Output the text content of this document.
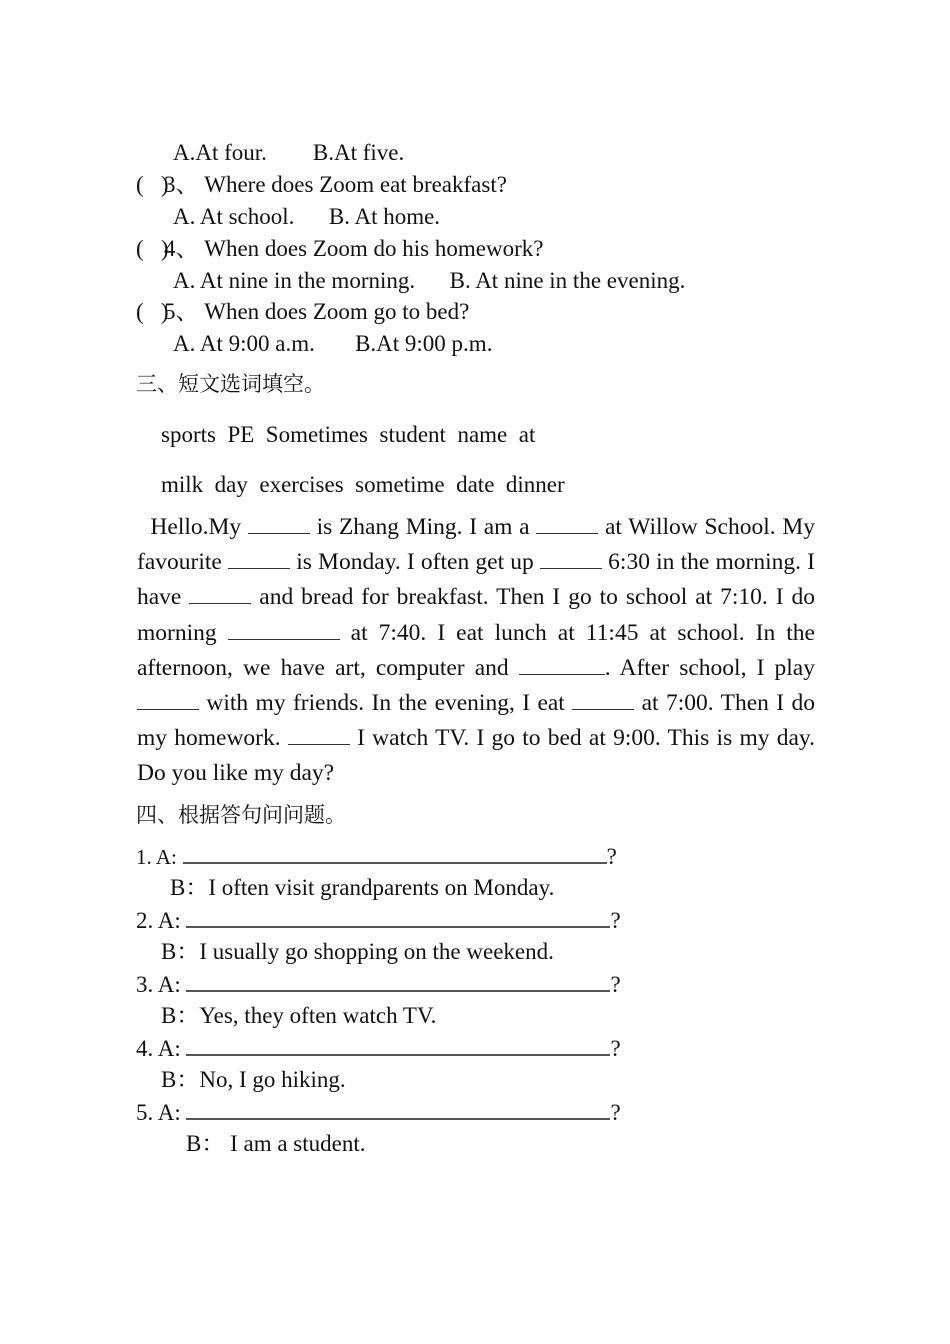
A.At four.        B.At five.
(   )
3、 Where does Zoom eat breakfast?
A. At school.      B. At home.
(   )
4、 When does Zoom do his homework?
A. At nine in the morning.      B. At nine in the evening.
(   )
5、 When does Zoom go to bed?
A. At 9:00 a.m.       B.At 9:00 p.m.
三、短文选词填空。
sports  PE  Sometimes  student  name  at
milk  day  exercises  sometime  date  dinner
Hello.My	is Zhang Ming. I am a	at Willow School. My favourite	is Monday. I often get up	6:30 in the morning. I have	and bread for breakfast. Then I go to school at 7:10. I do morning	at 7:40. I eat lunch at 11:45 at school. In the afternoon, we have art, computer and	. After school, I play  with my friends. In the evening, I eat	at 7:00. Then I do my homework.	I watch TV. I go to bed at 9:00. This is my day. Do you like my day?
四、根据答句问问题。
1. A:	?
B：I often visit grandparents on Monday.
2. A:	?
B：I usually go shopping on the weekend.
3. A:	?
B：Yes, they often watch TV.
4. A:	?
B：No, I go hiking.
5. A:	?
B： I am a student.
